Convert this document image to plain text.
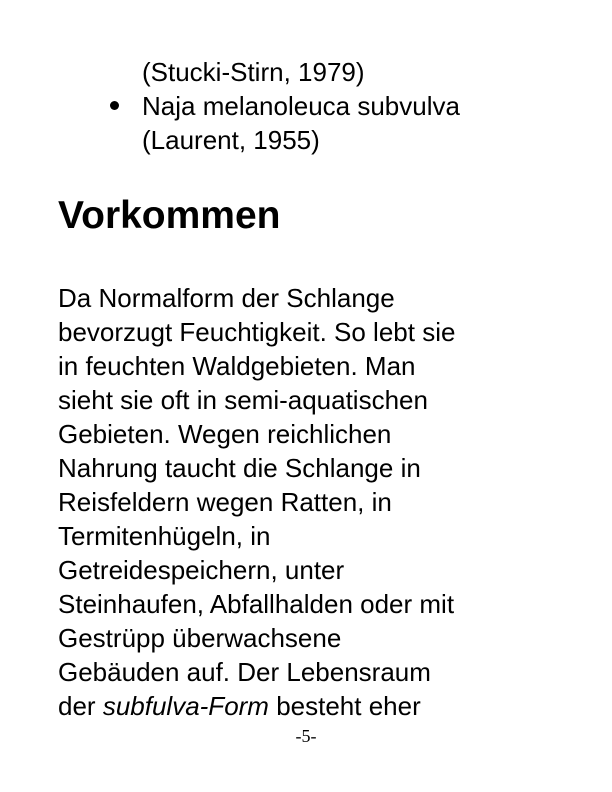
(Stucki-Stirn, 1979)
Naja melanoleuca subvulva
(Laurent, 1955)
Vorkommen
Da Normalform der Schlange
bevorzugt Feuchtigkeit. So lebt sie
in feuchten Waldgebieten. Man
sieht sie oft in semi-aquatischen
Gebieten. Wegen reichlichen
Nahrung taucht die Schlange in
Reisfeldern wegen Ratten, in
Termitenhügeln, in
Getreidespeichern, unter
Steinhaufen, Abfallhalden oder mit
Gestrüpp überwachsene
Gebäuden auf. Der Lebensraum
der subfulva-Form besteht eher
-5-
